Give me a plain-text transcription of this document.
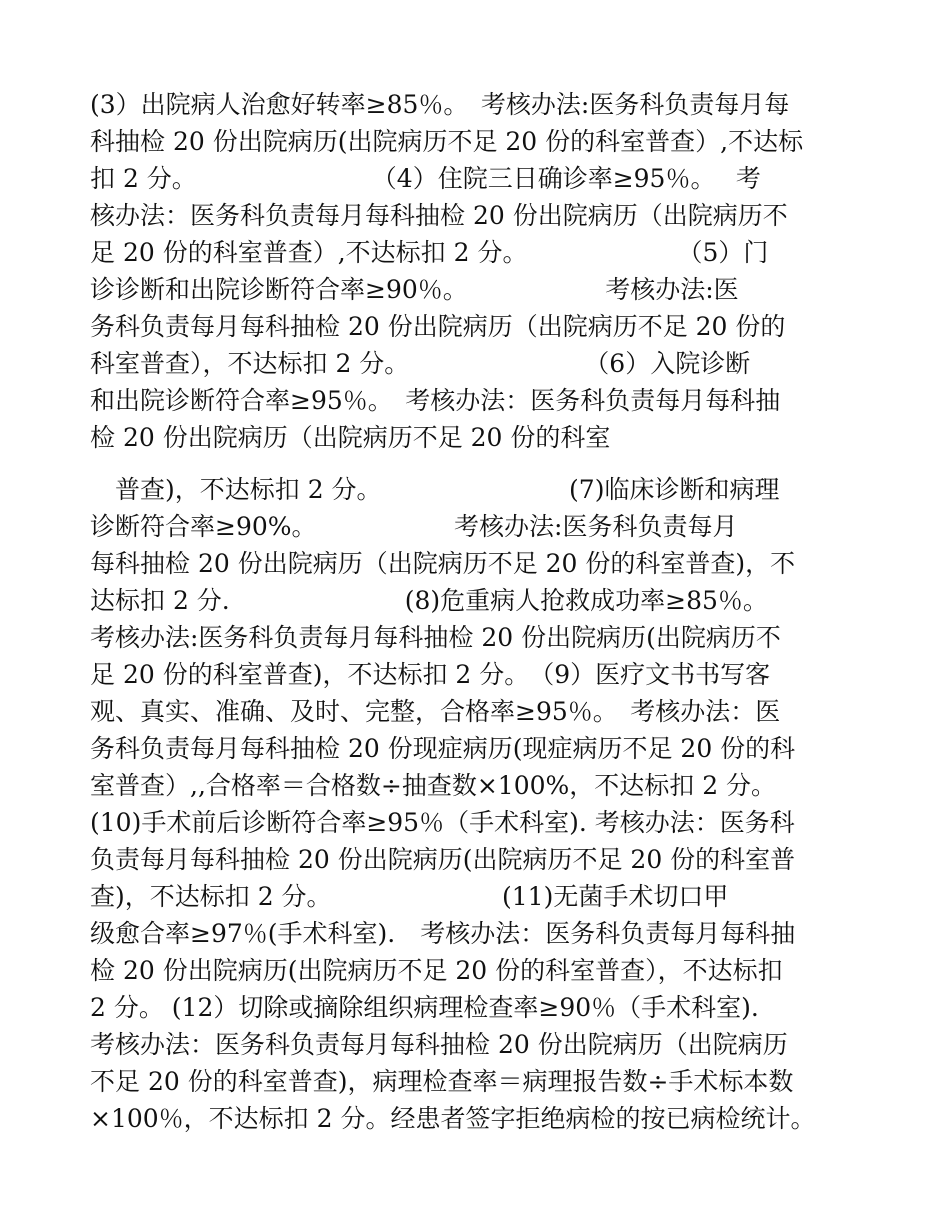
(3）出院病人治愈好转率≥85％。　考核办法:医务科负责每月每
科抽检 20 份出院病历(出院病历不足 20 份的科室普查）,不达标
扣 2 分。　　　　　　　　（4）住院三日确诊率≥95％。　 考
核办法：医务科负责每月每科抽检 20 份出院病历（出院病历不
足 20 份的科室普查）,不达标扣 2 分。　　　　　　　（5）门
诊诊断和出院诊断符合率≥90％。　　　　　　考核办法:医
务科负责每月每科抽检 20 份出院病历（出院病历不足 20 份的
科室普查），不达标扣 2 分。　　　　　　　　（6）入院诊断
和出院诊断符合率≥95％。　考核办法：医务科负责每月每科抽
检 20 份出院病历（出院病历不足 20 份的科室
　普查)，不达标扣 2 分。　　　　　　　　(7)临床诊断和病理
诊断符合率≥90%。　　　　　　考核办法:医务科负责每月
每科抽检 20 份出院病历（出院病历不足 20 份的科室普查)，不
达标扣 2 分.　　　　　　　(8)危重病人抢救成功率≥85％。
考核办法:医务科负责每月每科抽检 20 份出院病历(出院病历不
足 20 份的科室普查)，不达标扣 2 分。　（9）医疗文书书写客
观、真实、准确、及时、完整，合格率≥95％。　考核办法：医
务科负责每月每科抽检 20 份现症病历(现症病历不足 20 份的科
室普查）,,合格率＝合格数÷抽查数×100%，不达标扣 2 分。
(10)手术前后诊断符合率≥95％（手术科室). 考核办法：医务科
负责每月每科抽检 20 份出院病历(出院病历不足 20 份的科室普
查)，不达标扣 2 分。　　　　　　　 (11)无菌手术切口甲
级愈合率≥97％(手术科室).　考核办法：医务科负责每月每科抽
检 20 份出院病历(出院病历不足 20 份的科室普查），不达标扣
2 分。 (12）切除或摘除组织病理检查率≥90％（手术科室).
考核办法：医务科负责每月每科抽检 20 份出院病历（出院病历
不足 20 份的科室普查)，病理检查率＝病理报告数÷手术标本数
×100％，不达标扣 2 分。经患者签字拒绝病检的按已病检统计。
